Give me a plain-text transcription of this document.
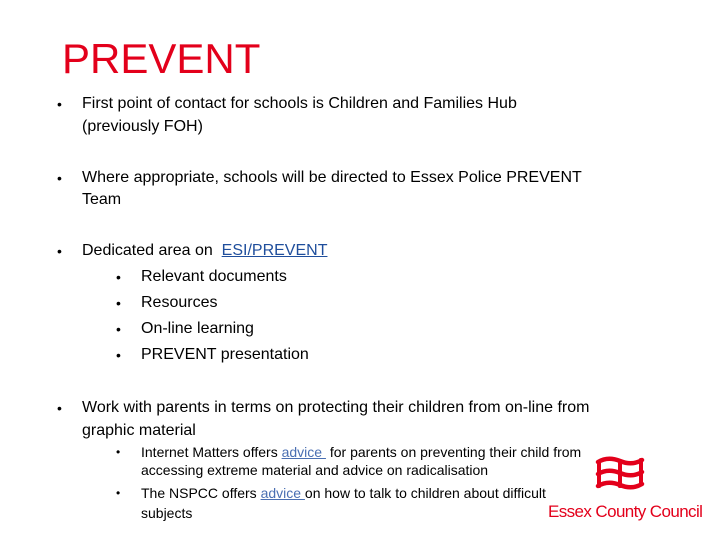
PREVENT
• First point of contact for schools is Children and Families Hub
(previously FOH)
• Where appropriate, schools will be directed to Essex Police PREVENT
Team
• Dedicated area on  ESI/PREVENT
• Relevant documents
• Resources
• On-line learning
• PREVENT presentation
• Work with parents in terms on protecting their children from on-line from
graphic material
• Internet Matters offers advice  for parents on preventing their child from
accessing extreme material and advice on radicalisation
• The NSPCC offers advice on how to talk to children about difficult
subjects	Essex County Council
